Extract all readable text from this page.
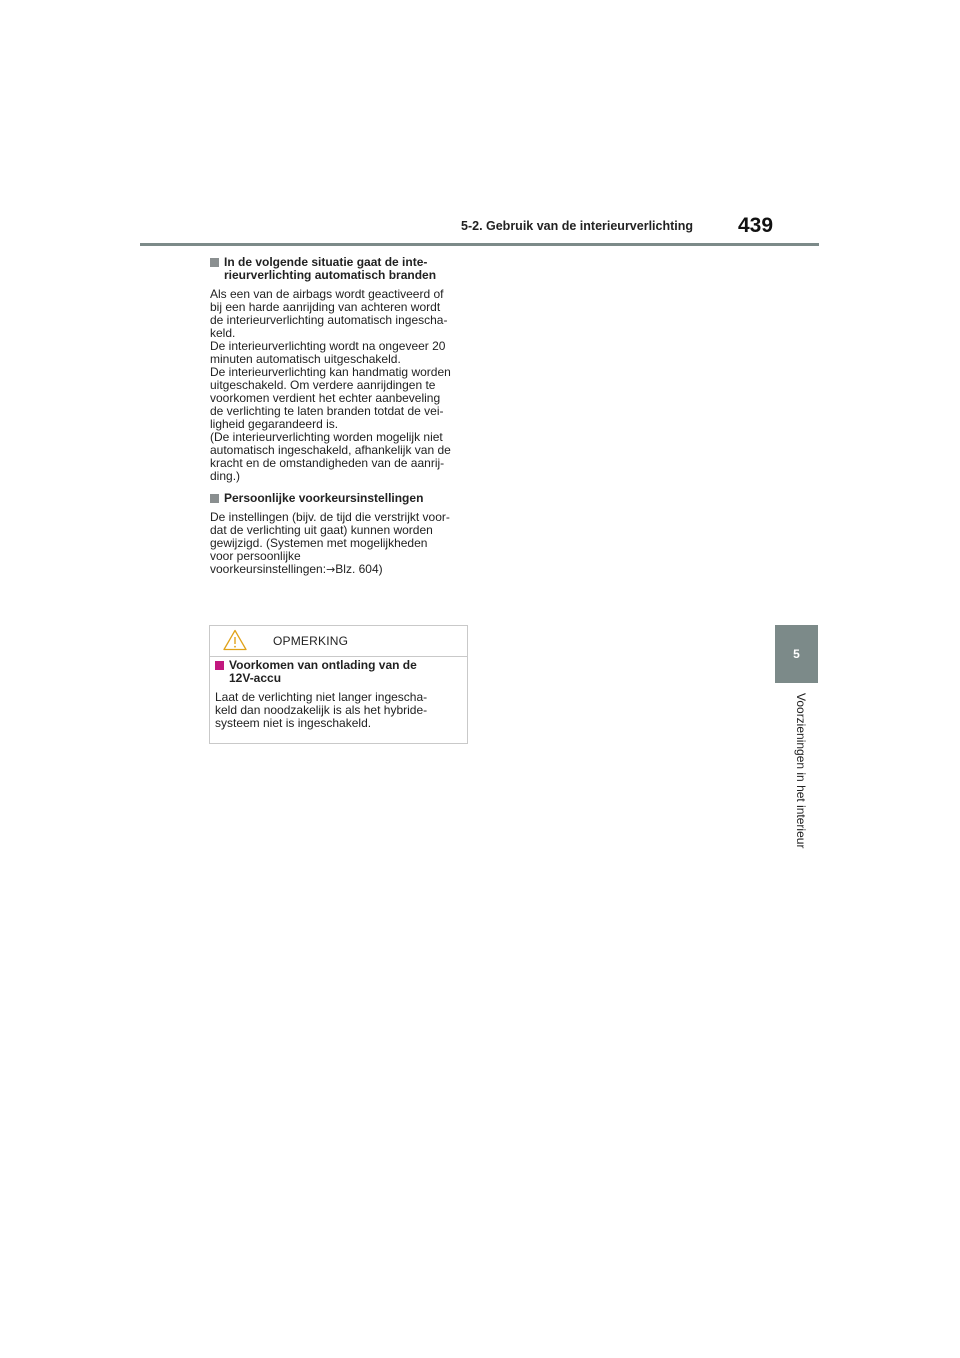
5-2. Gebruik van de interieurverlichting 439
5
Voorzieningen in het interieur
In de volgende situatie gaat de inte-
rieurverlichting automatisch branden

Als een van de airbags wordt geactiveerd of

bij een harde aanrijding van achteren wordt

de interieurverlichting automatisch ingescha-

keld.

De interieurverlichting wordt na ongeveer 20

minuten automatisch uitgeschakeld.

De interieurverlichting kan handmatig worden

uitgeschakeld. Om verdere aanrijdingen te

voorkomen verdient het echter aanbeveling

de verlichting te laten branden totdat de vei-

ligheid gegarandeerd is.

(De interieurverlichting worden mogelijk niet

automatisch ingeschakeld, afhankelijk van de

kracht en de omstandigheden van de aanrij-

ding.)

Persoonlijke voorkeursinstellingen

De instellingen (bijv. de tijd die verstrijkt voor-

dat de verlichting uit gaat) kunnen worden

gewijzigd. (Systemen met mogelijkheden

voor persoonlijke

voorkeursinstellingen:→Blz. 604)

OPMERKING
Voorkomen van ontlading van de
12V-accu

Laat de verlichting niet langer ingescha-

keld dan noodzakelijk is als het hybride-

systeem niet is ingeschakeld.
